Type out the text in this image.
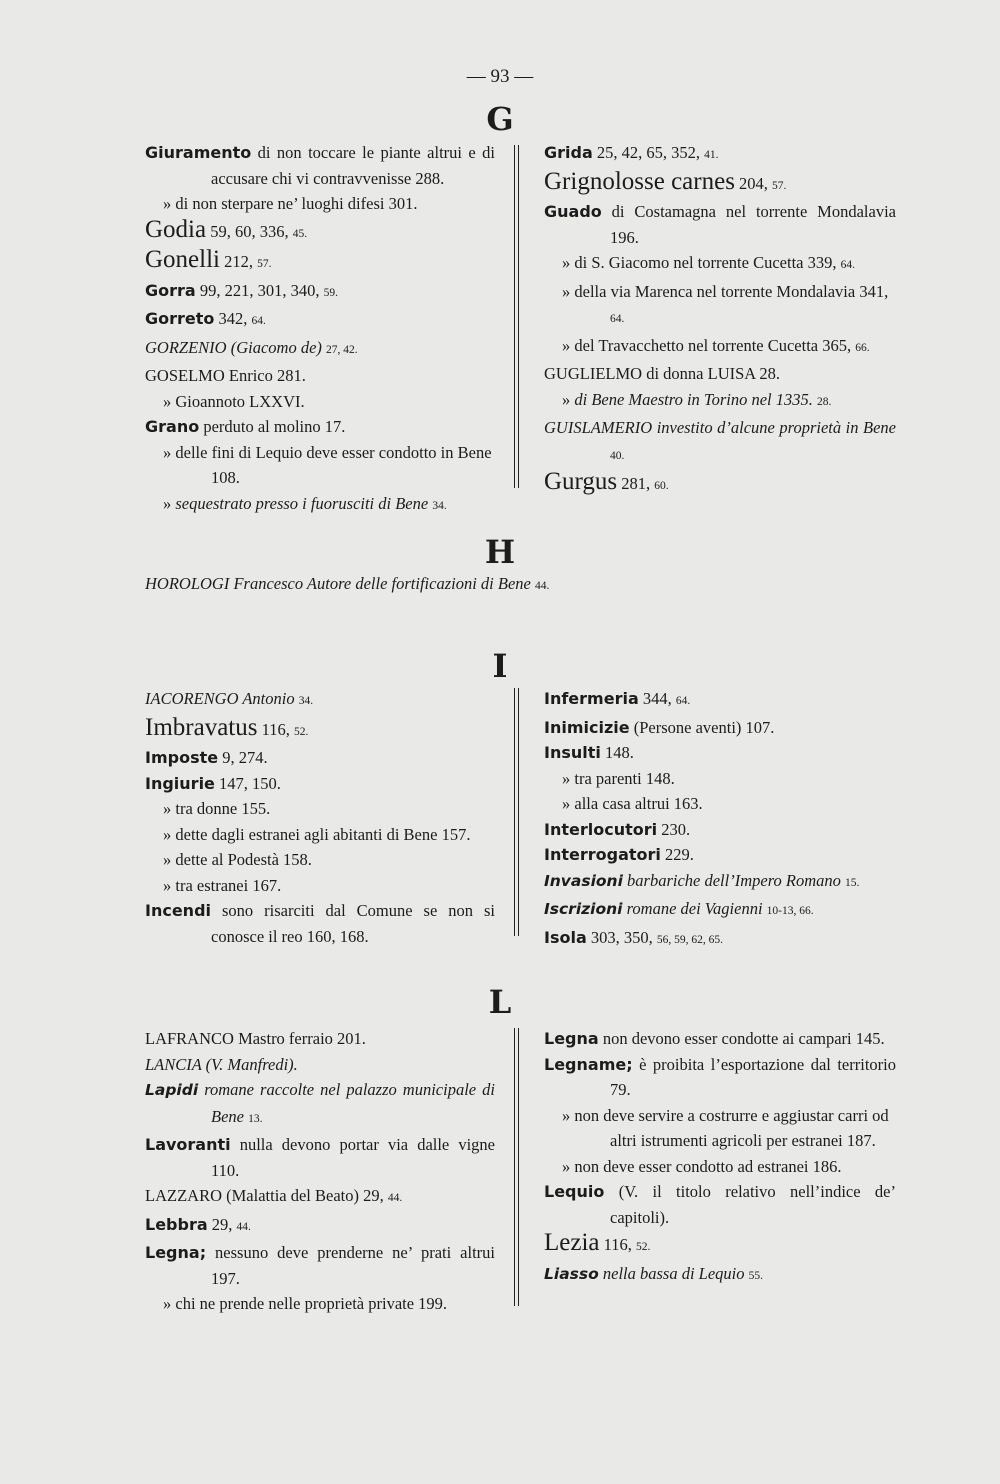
— 93 —
G
H
I
L
Giuramento di non toccare le piante altrui e di accusare chi vi contravvenisse 288.
» di non sterpare ne’ luoghi difesi 301.
Godia 59, 60, 336, 45.
Gonelli 212, 57.
Gorra 99, 221, 301, 340, 59.
Gorreto 342, 64.
GORZENIO (Giacomo de) 27, 42.
GOSELMO Enrico 281.
» Gioannoto LXXVI.
Grano perduto al molino 17.
» delle fini di Lequio deve esser condotto in Bene 108.
» sequestrato presso i fuorusciti di Bene 34.
Grida 25, 42, 65, 352, 41.
Grignolosse carnes 204, 57.
Guado di Costamagna nel torrente Mondalavia 196.
» di S. Giacomo nel torrente Cucetta 339, 64.
» della via Marenca nel torrente Mondalavia 341, 64.
» del Travacchetto nel torrente Cucetta 365, 66.
GUGLIELMO di donna LUISA 28.
» di Bene Maestro in Torino nel 1335. 28.
GUISLAMERIO investito d’alcune proprietà in Bene 40.
Gurgus 281, 60.
HOROLOGI Francesco Autore delle fortificazioni di Bene 44.
IACORENGO Antonio 34.
Imbravatus 116, 52.
Imposte 9, 274.
Ingiurie 147, 150.
» tra donne 155.
» dette dagli estranei agli abitanti di Bene 157.
» dette al Podestà 158.
» tra estranei 167.
Incendi sono risarciti dal Comune se non si conosce il reo 160, 168.
Infermeria 344, 64.
Inimicizie (Persone aventi) 107.
Insulti 148.
» tra parenti 148.
» alla casa altrui 163.
Interlocutori 230.
Interrogatori 229.
Invasioni barbariche dell’Impero Romano 15.
Iscrizioni romane dei Vagienni 10-13, 66.
Isola 303, 350, 56, 59, 62, 65.
LAFRANCO Mastro ferraio 201.
LANCIA (V. Manfredi).
Lapidi romane raccolte nel palazzo municipale di Bene 13.
Lavoranti nulla devono portar via dalle vigne 110.
LAZZARO (Malattia del Beato) 29, 44.
Lebbra 29, 44.
Legna; nessuno deve prenderne ne’ prati altrui 197.
» chi ne prende nelle proprietà private 199.
Legna non devono esser condotte ai campari 145.
Legname; è proibita l’esportazione dal territorio 79.
» non deve servire a costrurre e aggiustar carri od altri istrumenti agricoli per estranei 187.
» non deve esser condotto ad estranei 186.
Lequio (V. il titolo relativo nell’indice de’ capitoli).
Lezia 116, 52.
Liasso nella bassa di Lequio 55.
